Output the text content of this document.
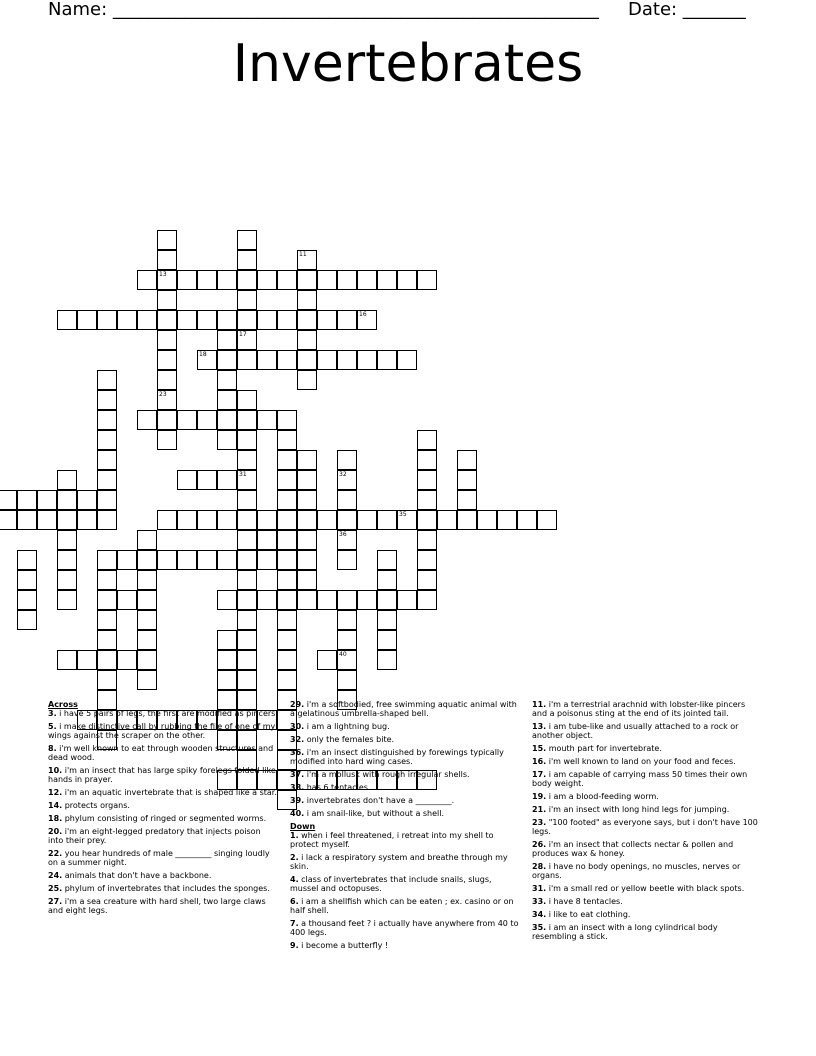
Name: ______________________________________________________ Date: _______
Invertebrates
16
13
23
35
18
17
31
11
40
32
36
Across
3. i have 5 pairs of legs, the first are modified as pincers.
5. i make distinctive call by rubbing the file of one of my wings against the scraper on the other.
8. i'm well known to eat through wooden structures and dead wood.
10. i'm an insect that has large spiky forelegs folded like hands in prayer.
12. i'm an aquatic invertebrate that is shaped like a star.
14. protects organs.
18. phylum consisting of ringed or segmented worms.
20. i'm an eight-legged predatory that injects poison into their prey.
22. you hear hundreds of male _________ singing loudly on a summer night.
24. animals that don't have a backbone.
25. phylum of invertebrates that includes the sponges.
27. i'm a sea creature with hard shell, two large claws and eight legs.
29. i'm a softbodied, free swimming aquatic animal with a gelatinous umbrella-shaped bell.
30. i am a lightning bug.
32. only the females bite.
36. i'm an insect distinguished by forewings typically modified into hard wing cases.
37. i'm a mollusk with rough irregular shells.
38. has 6 tentacles.
39. invertebrates don't have a _________.
40. i am snail-like, but without a shell.
Down
1. when i feel threatened, i retreat into my shell to protect myself.
2. i lack a respiratory system and breathe through my skin.
4. class of invertebrates that include snails, slugs, mussel and octopuses.
6. i am a shellfish which can be eaten ; ex. casino or on half shell.
7. a thousand feet ? i actually have anywhere from 40 to 400 legs.
9. i become a butterfly !
11. i'm a terrestrial arachnid with lobster-like pincers and a poisonus sting at the end of its jointed tail.
13. i am tube-like and usually attached to a rock or another object.
15. mouth part for invertebrate.
16. i'm well known to land on your food and feces.
17. i am capable of carrying mass 50 times their own body weight.
19. i am a blood-feeding worm.
21. i'm an insect with long hind legs for jumping.
23. "100 footed" as everyone says, but i don't have 100 legs.
26. i'm an insect that collects nectar & pollen and produces wax & honey.
28. i have no body openings, no muscles, nerves or organs.
31. i'm a small red or yellow beetle with black spots.
33. i have 8 tentacles.
34. i like to eat clothing.
35. i am an insect with a long cylindrical body resembling a stick.
